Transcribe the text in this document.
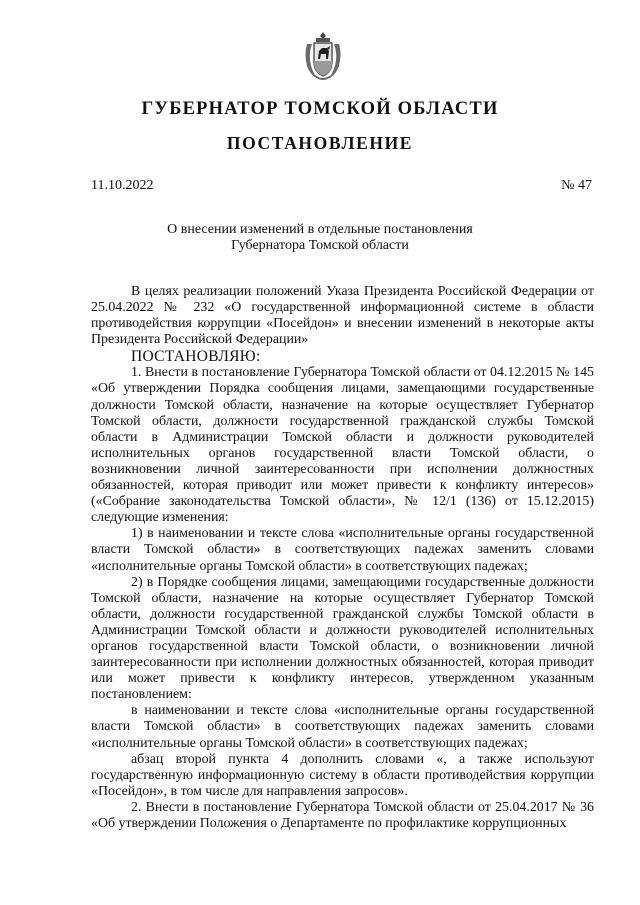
ГУБЕРНАТОР ТОМСКОЙ ОБЛАСТИ
ПОСТАНОВЛЕНИЕ
11.10.2022	№ 47
О внесении изменений в отдельные постановления
Губернатора Томской области

В целях реализации положений Указа Президента Российской Федерации от 25.04.2022 № 232 «О государственной информационной системе в области противодействия коррупции «Посейдон» и внесении изменений в некоторые акты Президента Российской Федерации»

ПОСТАНОВЛЯЮ:

1. Внести в постановление Губернатора Томской области от 04.12.2015 № 145 «Об утверждении Порядка сообщения лицами, замещающими государственные должности Томской области, назначение на которые осуществляет Губернатор Томской области, должности государственной гражданской службы Томской области в Администрации Томской области и должности руководителей исполнительных органов государственной власти Томской области, о возникновении личной заинтересованности при исполнении должностных обязанностей, которая приводит или может привести к конфликту интересов» («Собрание законодательства Томской области», № 12/1 (136) от 15.12.2015) следующие изменения:

1) в наименовании и тексте слова «исполнительные органы государственной власти Томской области» в соответствующих падежах заменить словами «исполнительные органы Томской области» в соответствующих падежах;

2) в Порядке сообщения лицами, замещающими государственные должности Томской области, назначение на которые осуществляет Губернатор Томской области, должности государственной гражданской службы Томской области в Администрации Томской области и должности руководителей исполнительных органов государственной власти Томской области, о возникновении личной заинтересованности при исполнении должностных обязанностей, которая приводит или может привести к конфликту интересов, утвержденном указанным постановлением:

в наименовании и тексте слова «исполнительные органы государственной власти Томской области» в соответствующих падежах заменить словами «исполнительные органы Томской области» в соответствующих падежах;

абзац второй пункта 4 дополнить словами «, а также используют государственную информационную систему в области противодействия коррупции «Посейдон», в том числе для направления запросов».

2. Внести в постановление Губернатора Томской области от 25.04.2017 № 36 «Об утверждении Положения о Департаменте по профилактике коррупционных
